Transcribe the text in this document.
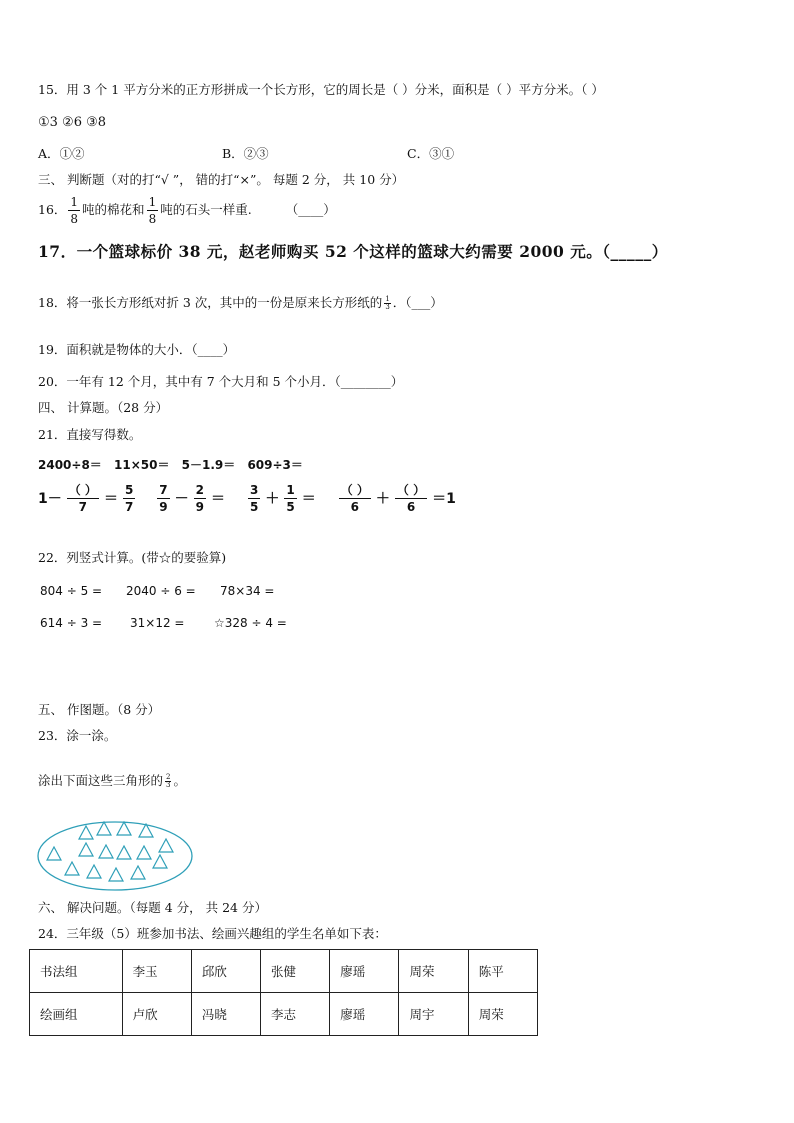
15．用 3 个 1 平方分米的正方形拼成一个长方形，它的周长是（ ）分米，面积是（ ）平方分米。（ ）
①3 ②6 ③8
A．①②	B．②③	C．③①
三、 判断题（对的打“√ ”， 错的打“×”。 每题 2 分， 共 10 分）
16． $\frac{1}{8}$ 吨的棉花和 $\frac{1}{8}$ 吨的石头一样重.	（____）
17．一个篮球标价 38 元，赵老师购买 52 个这样的篮球大约需要 2000 元。（_____）
18．将一张长方形纸对折 3 次，其中的一份是原来长方形纸的 $\frac{1}{3}$ ．（___）
19．面积就是物体的大小．（____）
20．一年有 12 个月，其中有 7 个大月和 5 个小月．（________）
四、 计算题。（28 分）
21．直接写得数。
2400÷8＝ 11×50＝ 5－1.9＝ 609÷3＝
$1- \frac{( )}{7} = \frac{5}{7} \frac{7}{9} - \frac{2}{9} = \frac{3}{5} + \frac{1}{5} = \frac{( )}{6} + \frac{( )}{6} =1$
22．列竖式计算。(带☆的要验算)
804 ÷ 5 = 2040 ÷ 6 = 78×34 =
614 ÷ 3 = 31×12 = ☆328 ÷ 4 =
五、 作图题。（8 分）
23．涂一涂。
涂出下面这些三角形的 $\frac{2}{3}$ 。
六、 解决问题。（每题 4 分， 共 24 分）
24．三年级（5）班参加书法、绘画兴趣组的学生名单如下表：
书法组	李玉	邱欣	张健	廖瑶	周荣	陈平
绘画组	卢欣	冯晓	李志	廖瑶	周宇	周荣
